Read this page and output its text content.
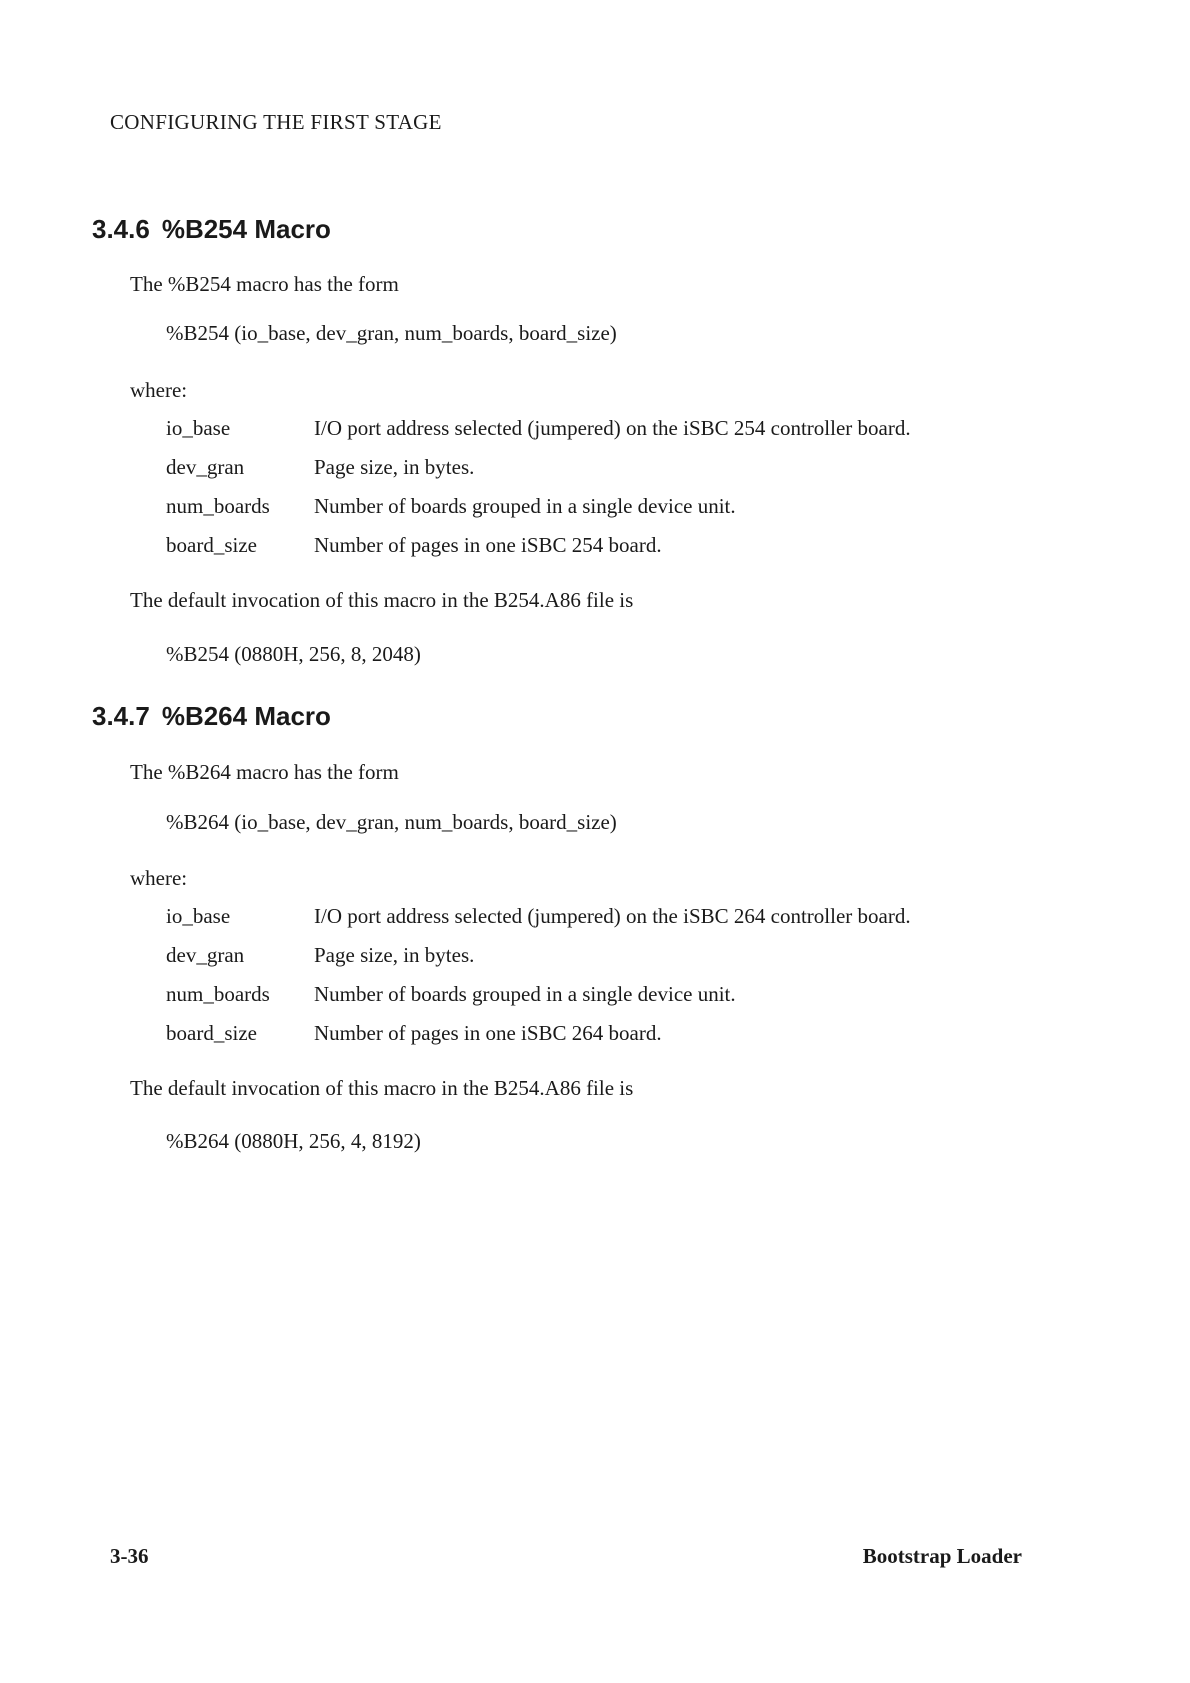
CONFIGURING THE FIRST STAGE
3.4.6 %B254 Macro
The %B254 macro has the form
%B254 (io_base, dev_gran, num_boards, board_size)
where:
io_base	I/O port address selected (jumpered) on the iSBC 254 controller board.
dev_gran	Page size, in bytes.
num_boards	Number of boards grouped in a single device unit.
board_size	Number of pages in one iSBC 254 board.
The default invocation of this macro in the B254.A86 file is
%B254 (0880H, 256, 8, 2048)
3.4.7 %B264 Macro
The %B264 macro has the form
%B264 (io_base, dev_gran, num_boards, board_size)
where:
io_base	I/O port address selected (jumpered) on the iSBC 264 controller board.
dev_gran	Page size, in bytes.
num_boards	Number of boards grouped in a single device unit.
board_size	Number of pages in one iSBC 264 board.
The default invocation of this macro in the B254.A86 file is
%B264 (0880H, 256, 4, 8192)
3-36	Bootstrap Loader
